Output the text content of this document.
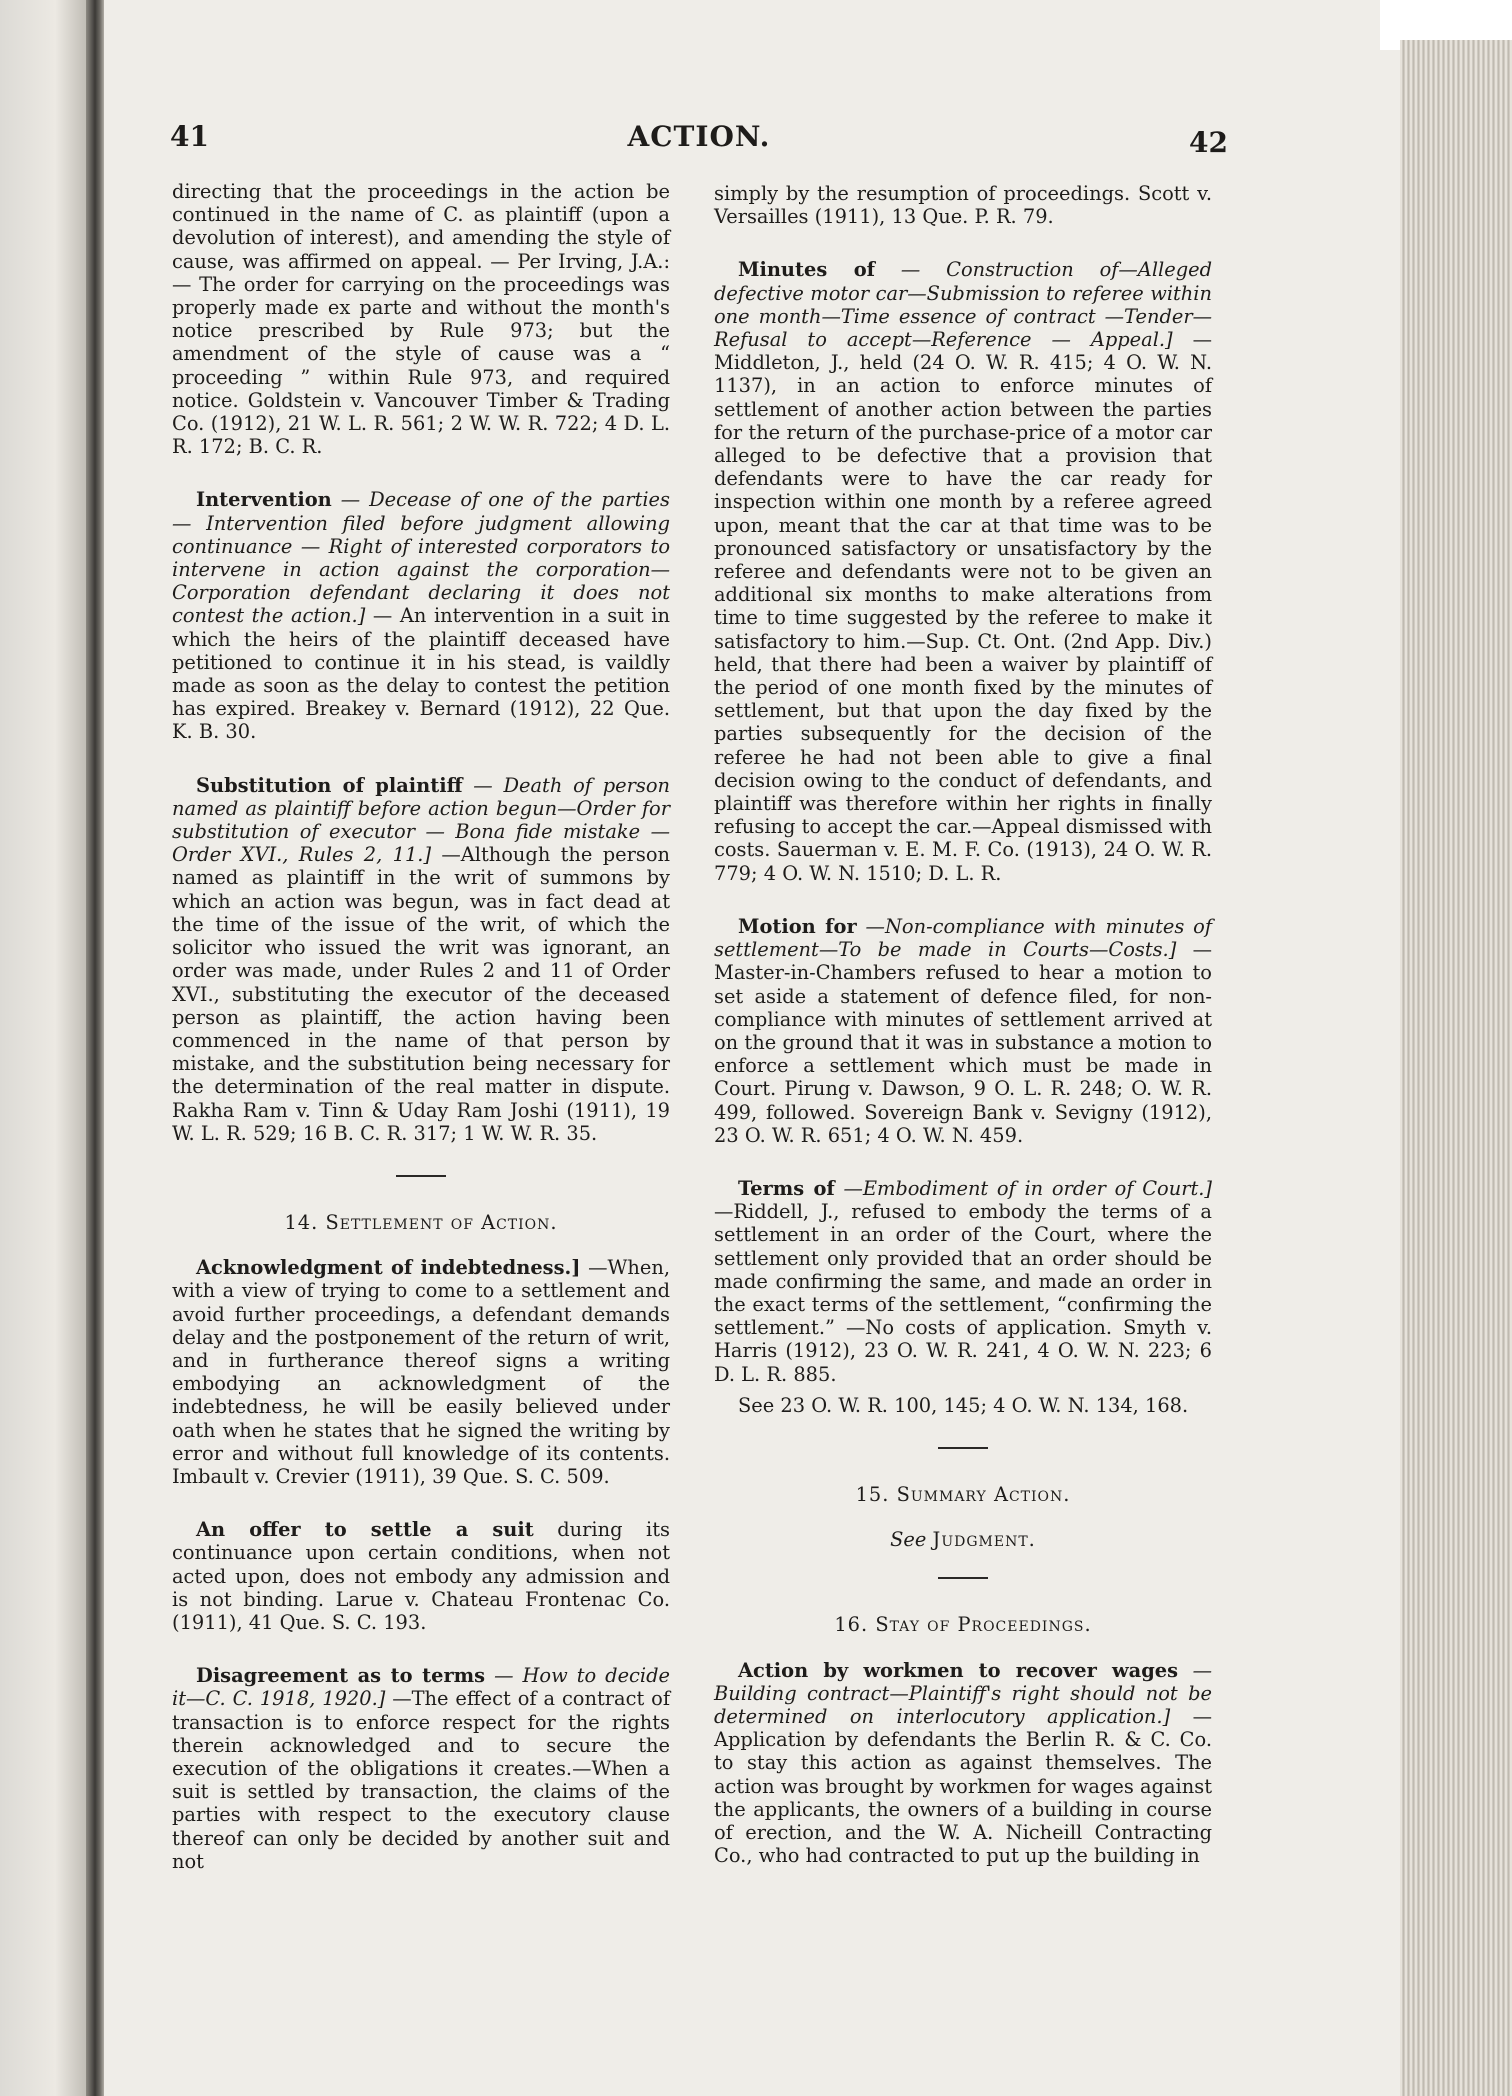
41	ACTION.	42

directing that the proceedings in the action be continued in the name of C. as plaintiff (upon a devolution of interest), and amending the style of cause, was affirmed on appeal. — Per Irving, J.A.: — The order for carrying on the proceedings was properly made ex parte and without the month's notice prescribed by Rule 973; but the amendment of the style of cause was a “ proceeding ” within Rule 973, and required notice. Goldstein v. Vancouver Timber & Trading Co. (1912), 21 W. L. R. 561; 2 W. W. R. 722; 4 D. L. R. 172; B. C. R.

Intervention — Decease of one of the parties — Intervention filed before judgment allowing continuance — Right of interested corporators to intervene in action against the corporation—Corporation defendant declaring it does not contest the action.] — An intervention in a suit in which the heirs of the plaintiff deceased have petitioned to continue it in his stead, is vaildly made as soon as the delay to contest the petition has expired. Breakey v. Bernard (1912), 22 Que. K. B. 30.

Substitution of plaintiff — Death of person named as plaintiff before action begun—Order for substitution of executor — Bona fide mistake — Order XVI., Rules 2, 11.] —Although the person named as plaintiff in the writ of summons by which an action was begun, was in fact dead at the time of the issue of the writ, of which the solicitor who issued the writ was ignorant, an order was made, under Rules 2 and 11 of Order XVI., substituting the executor of the deceased person as plaintiff, the action having been commenced in the name of that person by mistake, and the substitution being necessary for the determination of the real matter in dispute. Rakha Ram v. Tinn & Uday Ram Joshi (1911), 19 W. L. R. 529; 16 B. C. R. 317; 1 W. W. R. 35.

14. Settlement of Action.

Acknowledgment of indebtedness.] —When, with a view of trying to come to a settlement and avoid further proceedings, a defendant demands delay and the postponement of the return of writ, and in furtherance thereof signs a writing embodying an acknowledgment of the indebtedness, he will be easily believed under oath when he states that he signed the writing by error and without full knowledge of its contents. Imbault v. Crevier (1911), 39 Que. S. C. 509.

An offer to settle a suit during its continuance upon certain conditions, when not acted upon, does not embody any admission and is not binding. Larue v. Chateau Frontenac Co. (1911), 41 Que. S. C. 193.

Disagreement as to terms — How to decide it—C. C. 1918, 1920.] —The effect of a contract of transaction is to enforce respect for the rights therein acknowledged and to secure the execution of the obligations it creates.—When a suit is settled by transaction, the claims of the parties with respect to the executory clause thereof can only be decided by another suit and not

simply by the resumption of proceedings. Scott v. Versailles (1911), 13 Que. P. R. 79.

Minutes of — Construction of—Alleged defective motor car—Submission to referee within one month—Time essence of contract —Tender—Refusal to accept—Reference — Appeal.] —Middleton, J., held (24 O. W. R. 415; 4 O. W. N. 1137), in an action to enforce minutes of settlement of another action between the parties for the return of the purchase-price of a motor car alleged to be defective that a provision that defendants were to have the car ready for inspection within one month by a referee agreed upon, meant that the car at that time was to be pronounced satisfactory or unsatisfactory by the referee and defendants were not to be given an additional six months to make alterations from time to time suggested by the referee to make it satisfactory to him.—Sup. Ct. Ont. (2nd App. Div.) held, that there had been a waiver by plaintiff of the period of one month fixed by the minutes of settlement, but that upon the day fixed by the parties subsequently for the decision of the referee he had not been able to give a final decision owing to the conduct of defendants, and plaintiff was therefore within her rights in finally refusing to accept the car.—Appeal dismissed with costs. Sauerman v. E. M. F. Co. (1913), 24 O. W. R. 779; 4 O. W. N. 1510; D. L. R.

Motion for —Non-compliance with minutes of settlement—To be made in Courts—Costs.] —Master-in-Chambers refused to hear a motion to set aside a statement of defence filed, for non-compliance with minutes of settlement arrived at on the ground that it was in substance a motion to enforce a settlement which must be made in Court. Pirung v. Dawson, 9 O. L. R. 248; O. W. R. 499, followed. Sovereign Bank v. Sevigny (1912), 23 O. W. R. 651; 4 O. W. N. 459.

Terms of —Embodiment of in order of Court.] —Riddell, J., refused to embody the terms of a settlement in an order of the Court, where the settlement only provided that an order should be made confirming the same, and made an order in the exact terms of the settlement, “confirming the settlement.” —No costs of application. Smyth v. Harris (1912), 23 O. W. R. 241, 4 O. W. N. 223; 6 D. L. R. 885.

See 23 O. W. R. 100, 145; 4 O. W. N. 134, 168.

15. Summary Action.

See Judgment.

16. Stay of Proceedings.

Action by workmen to recover wages —Building contract—Plaintiff's right should not be determined on interlocutory application.] —Application by defendants the Berlin R. & C. Co. to stay this action as against themselves. The action was brought by workmen for wages against the applicants, the owners of a building in course of erection, and the W. A. Nicheill Contracting Co., who had contracted to put up the building in
